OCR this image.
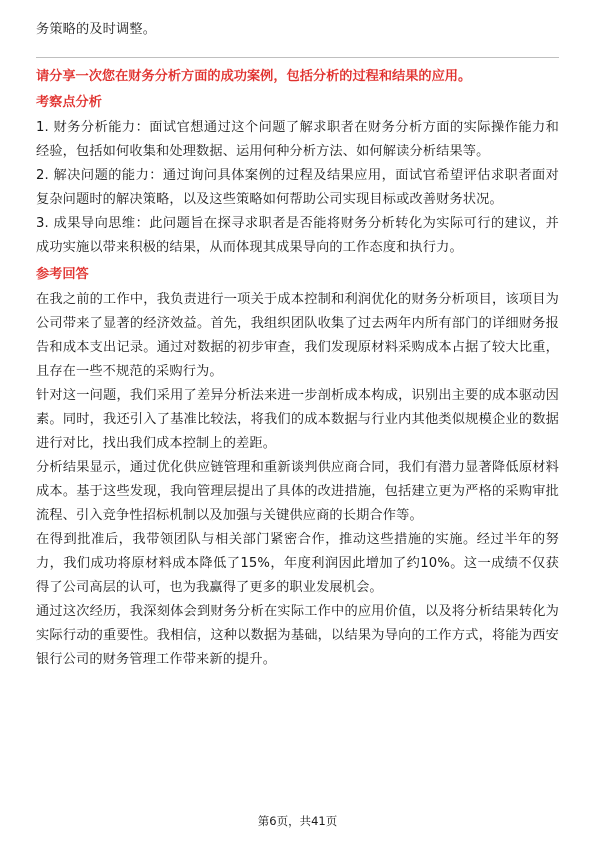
务策略的及时调整。

请分享一次您在财务分析方面的成功案例，包括分析的过程和结果的应用。

考察点分析

1. 财务分析能力：面试官想通过这个问题了解求职者在财务分析方面的实际操作能力和经验，包括如何收集和处理数据、运用何种分析方法、如何解读分析结果等。

2. 解决问题的能力：通过询问具体案例的过程及结果应用，面试官希望评估求职者面对复杂问题时的解决策略，以及这些策略如何帮助公司实现目标或改善财务状况。

3. 成果导向思维：此问题旨在探寻求职者是否能将财务分析转化为实际可行的建议，并成功实施以带来积极的结果，从而体现其成果导向的工作态度和执行力。

参考回答

在我之前的工作中，我负责进行一项关于成本控制和利润优化的财务分析项目，该项目为公司带来了显著的经济效益。首先，我组织团队收集了过去两年内所有部门的详细财务报告和成本支出记录。通过对数据的初步审查，我们发现原材料采购成本占据了较大比重，且存在一些不规范的采购行为。

针对这一问题，我们采用了差异分析法来进一步剖析成本构成，识别出主要的成本驱动因素。同时，我还引入了基准比较法，将我们的成本数据与行业内其他类似规模企业的数据进行对比，找出我们成本控制上的差距。

分析结果显示，通过优化供应链管理和重新谈判供应商合同，我们有潜力显著降低原材料成本。基于这些发现，我向管理层提出了具体的改进措施，包括建立更为严格的采购审批流程、引入竞争性招标机制以及加强与关键供应商的长期合作等。

在得到批准后，我带领团队与相关部门紧密合作，推动这些措施的实施。经过半年的努力，我们成功将原材料成本降低了15%，年度利润因此增加了约10%。这一成绩不仅获得了公司高层的认可，也为我赢得了更多的职业发展机会。

通过这次经历，我深刻体会到财务分析在实际工作中的应用价值，以及将分析结果转化为实际行动的重要性。我相信，这种以数据为基础，以结果为导向的工作方式，将能为西安银行公司的财务管理工作带来新的提升。

第6页，共41页
